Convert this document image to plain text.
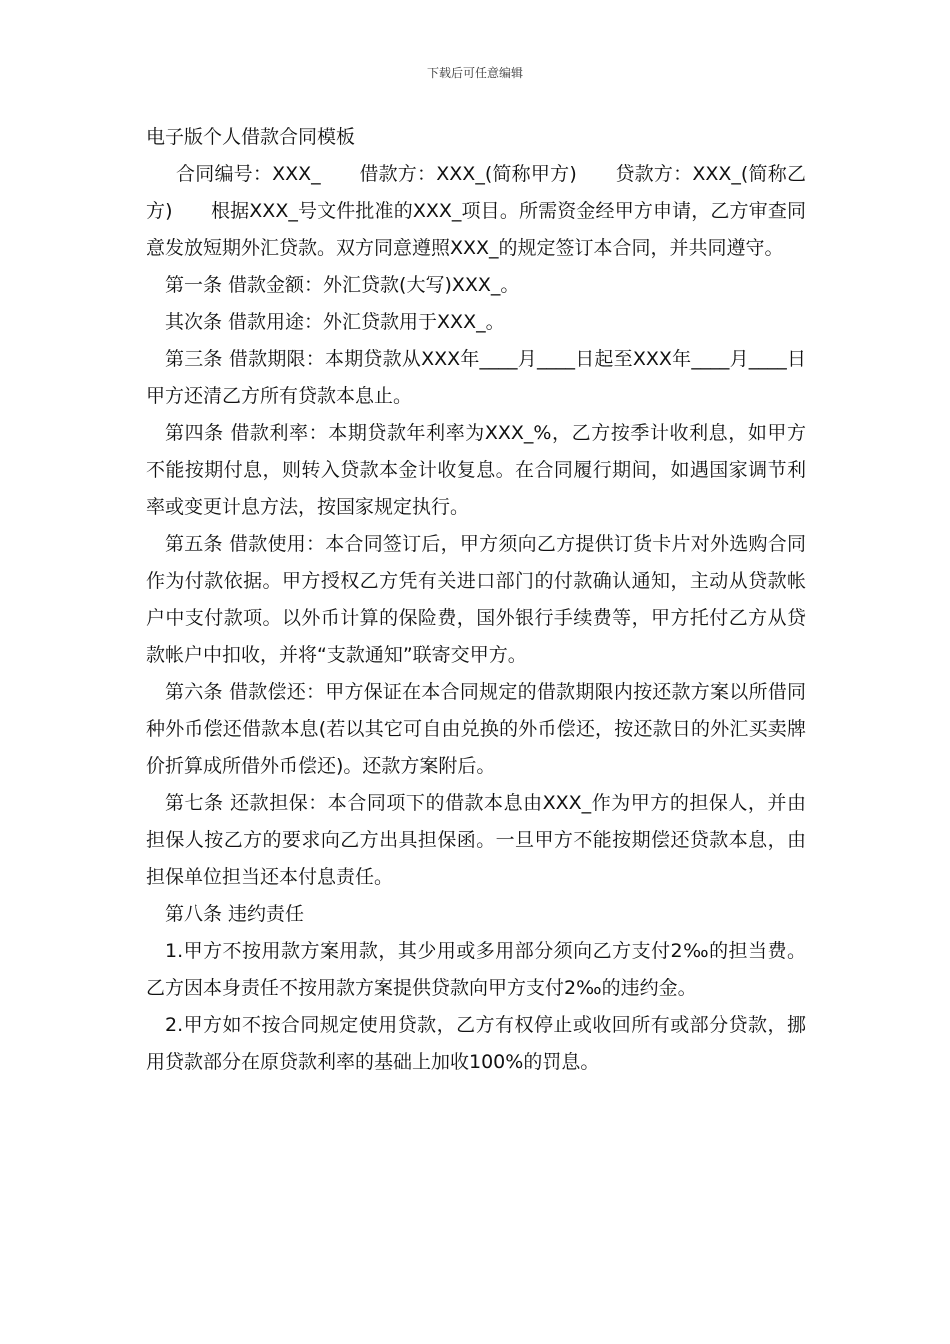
下载后可任意编辑

电子版个人借款合同模板

合同编号：XXX_　　借款方：XXX_(简称甲方)　　贷款方：XXX_(简称乙方)　　根据XXX_号文件批准的XXX_项目。所需资金经甲方申请，乙方审查同意发放短期外汇贷款。双方同意遵照XXX_的规定签订本合同，并共同遵守。

第一条 借款金额：外汇贷款(大写)XXX_。

其次条 借款用途：外汇贷款用于XXX_。

第三条 借款期限：本期贷款从XXX年____月____日起至XXX年____月____日甲方还清乙方所有贷款本息止。

第四条 借款利率：本期贷款年利率为XXX_%，乙方按季计收利息，如甲方不能按期付息，则转入贷款本金计收复息。在合同履行期间，如遇国家调节利率或变更计息方法，按国家规定执行。

第五条 借款使用：本合同签订后，甲方须向乙方提供订货卡片对外选购合同作为付款依据。甲方授权乙方凭有关进口部门的付款确认通知，主动从贷款帐户中支付款项。以外币计算的保险费，国外银行手续费等，甲方托付乙方从贷款帐户中扣收，并将“支款通知”联寄交甲方。

第六条 借款偿还：甲方保证在本合同规定的借款期限内按还款方案以所借同种外币偿还借款本息(若以其它可自由兑换的外币偿还，按还款日的外汇买卖牌价折算成所借外币偿还)。还款方案附后。

第七条 还款担保：本合同项下的借款本息由XXX_作为甲方的担保人，并由担保人按乙方的要求向乙方出具担保函。一旦甲方不能按期偿还贷款本息，由担保单位担当还本付息责任。

第八条 违约责任

1.甲方不按用款方案用款，其少用或多用部分须向乙方支付2‰的担当费。乙方因本身责任不按用款方案提供贷款向甲方支付2‰的违约金。

2.甲方如不按合同规定使用贷款，乙方有权停止或收回所有或部分贷款，挪用贷款部分在原贷款利率的基础上加收100%的罚息。
